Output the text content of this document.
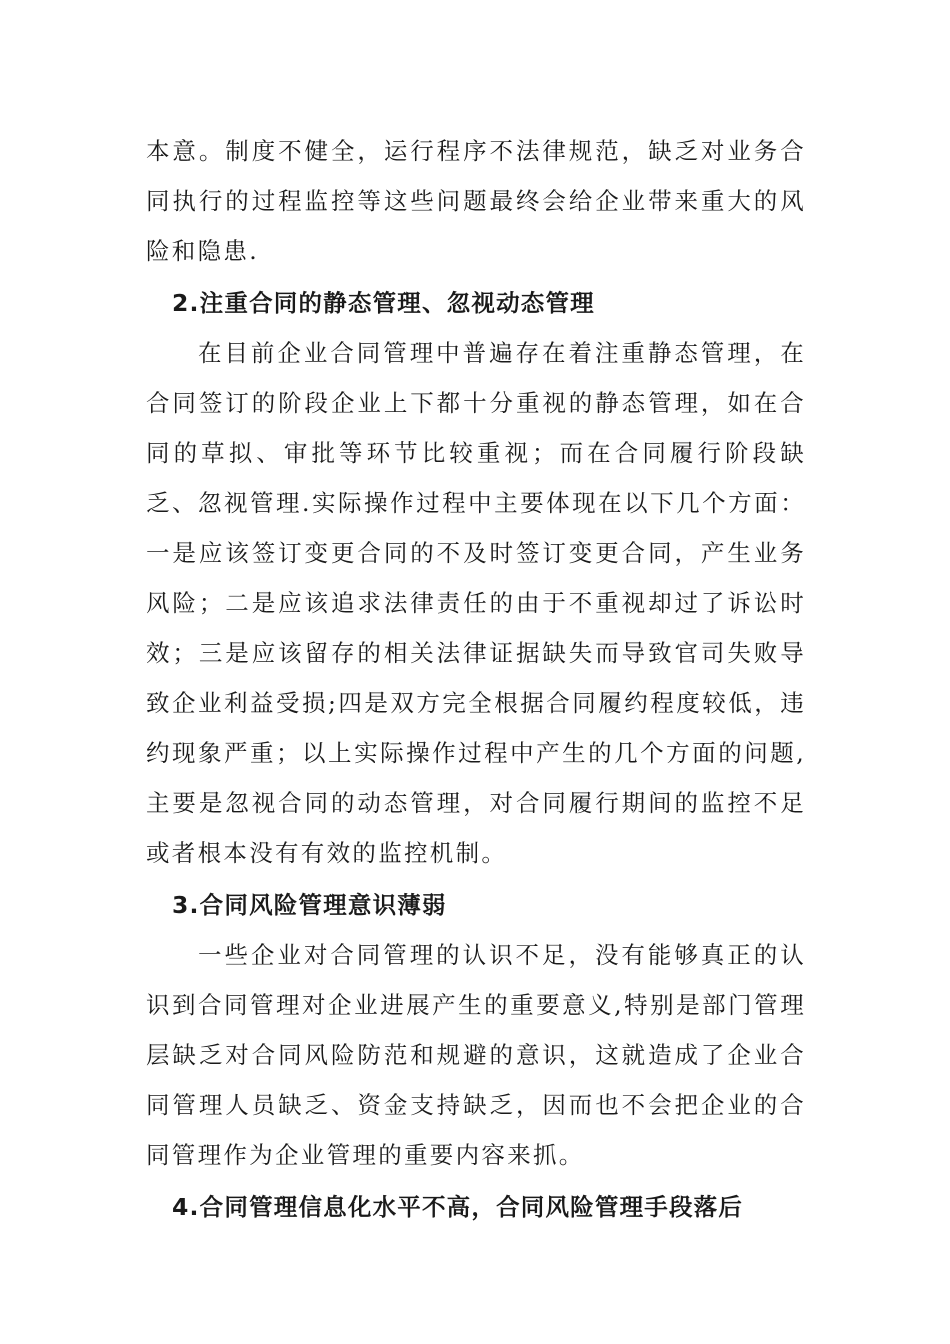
本意。制度不健全，运行程序不法律规范，缺乏对业务合同执行的过程监控等这些问题最终会给企业带来重大的风险和隐患.

2.注重合同的静态管理、忽视动态管理

在目前企业合同管理中普遍存在着注重静态管理，在合同签订的阶段企业上下都十分重视的静态管理，如在合同的草拟、审批等环节比较重视；而在合同履行阶段缺乏、忽视管理.实际操作过程中主要体现在以下几个方面：一是应该签订变更合同的不及时签订变更合同，产生业务风险；二是应该追求法律责任的由于不重视却过了诉讼时效；三是应该留存的相关法律证据缺失而导致官司失败导致企业利益受损;四是双方完全根据合同履约程度较低，违约现象严重；以上实际操作过程中产生的几个方面的问题,主要是忽视合同的动态管理，对合同履行期间的监控不足或者根本没有有效的监控机制。

3.合同风险管理意识薄弱

一些企业对合同管理的认识不足，没有能够真正的认识到合同管理对企业进展产生的重要意义,特别是部门管理层缺乏对合同风险防范和规避的意识，这就造成了企业合同管理人员缺乏、资金支持缺乏，因而也不会把企业的合同管理作为企业管理的重要内容来抓。

4.合同管理信息化水平不高，合同风险管理手段落后
